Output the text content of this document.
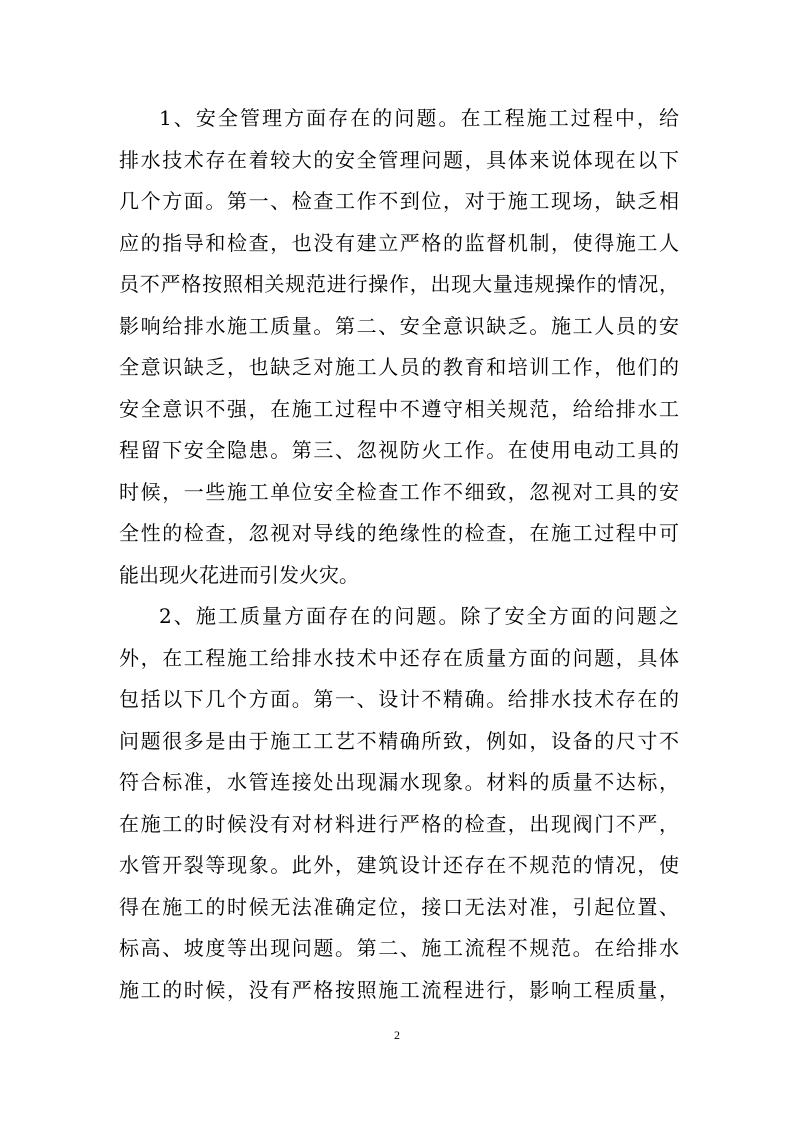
1、安全管理方面存在的问题。在工程施工过程中，给
排水技术存在着较大的安全管理问题，具体来说体现在以下
几个方面。第一、检查工作不到位，对于施工现场，缺乏相
应的指导和检查，也没有建立严格的监督机制，使得施工人
员不严格按照相关规范进行操作，出现大量违规操作的情况，
影响给排水施工质量。第二、安全意识缺乏。施工人员的安
全意识缺乏，也缺乏对施工人员的教育和培训工作，他们的
安全意识不强，在施工过程中不遵守相关规范，给给排水工
程留下安全隐患。第三、忽视防火工作。在使用电动工具的
时候，一些施工单位安全检查工作不细致，忽视对工具的安
全性的检查，忽视对导线的绝缘性的检查，在施工过程中可
能出现火花进而引发火灾。
2、施工质量方面存在的问题。除了安全方面的问题之
外，在工程施工给排水技术中还存在质量方面的问题，具体
包括以下几个方面。第一、设计不精确。给排水技术存在的
问题很多是由于施工工艺不精确所致，例如，设备的尺寸不
符合标准，水管连接处出现漏水现象。材料的质量不达标，
在施工的时候没有对材料进行严格的检查，出现阀门不严，
水管开裂等现象。此外，建筑设计还存在不规范的情况，使
得在施工的时候无法准确定位，接口无法对准，引起位置、
标高、坡度等出现问题。第二、施工流程不规范。在给排水
施工的时候，没有严格按照施工流程进行，影响工程质量，
2
